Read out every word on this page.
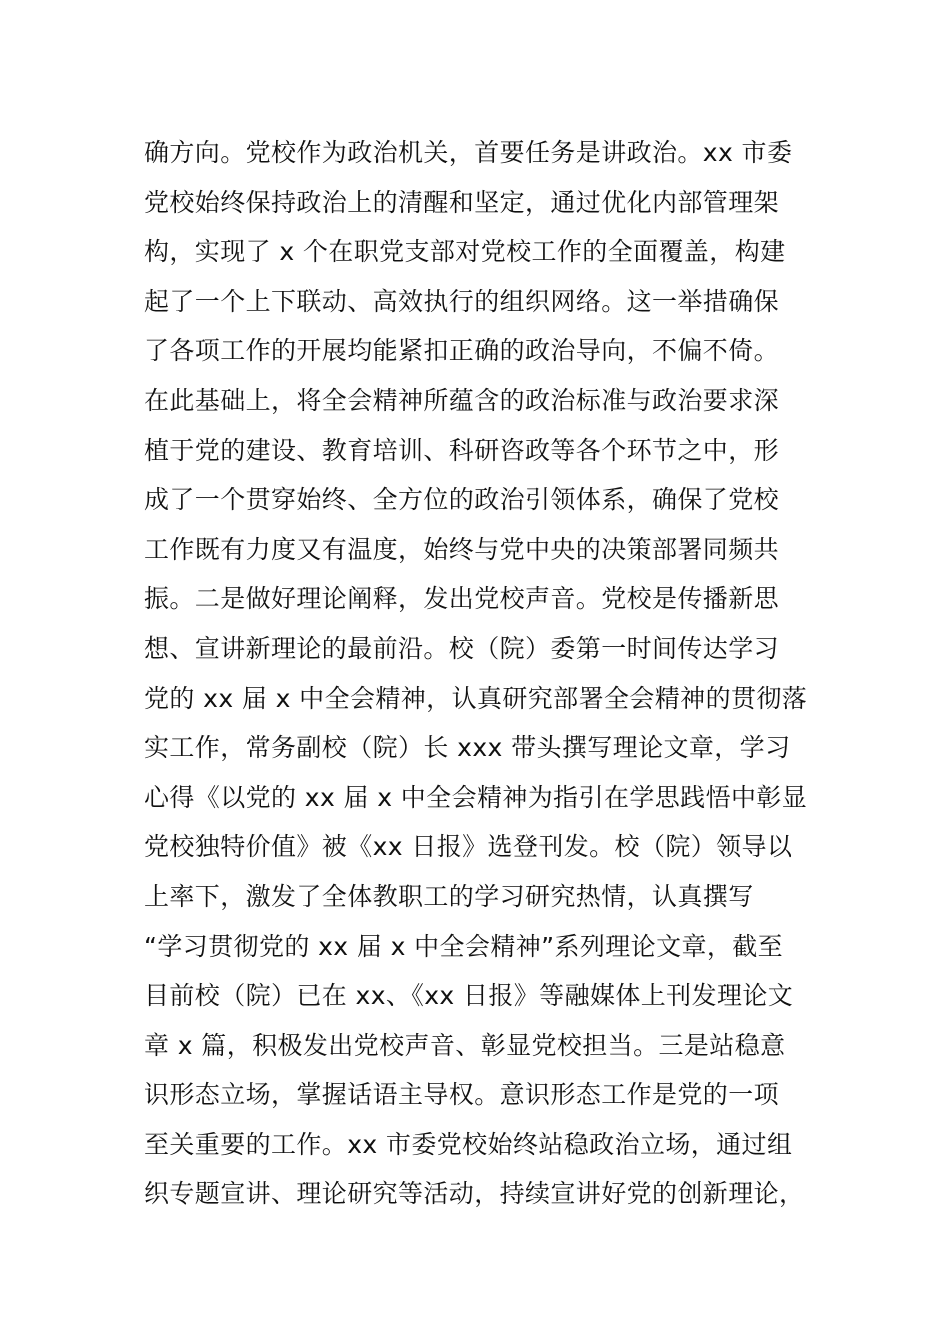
确方向。党校作为政治机关，首要任务是讲政治。xx 市委
党校始终保持政治上的清醒和坚定，通过优化内部管理架
构，实现了 x 个在职党支部对党校工作的全面覆盖，构建
起了一个上下联动、高效执行的组织网络。这一举措确保
了各项工作的开展均能紧扣正确的政治导向，不偏不倚。
在此基础上，将全会精神所蕴含的政治标准与政治要求深
植于党的建设、教育培训、科研咨政等各个环节之中，形
成了一个贯穿始终、全方位的政治引领体系，确保了党校
工作既有力度又有温度，始终与党中央的决策部署同频共
振。二是做好理论阐释，发出党校声音。党校是传播新思
想、宣讲新理论的最前沿。校（院）委第一时间传达学习
党的 xx 届 x 中全会精神，认真研究部署全会精神的贯彻落
实工作，常务副校（院）长 xxx 带头撰写理论文章，学习
心得《以党的 xx 届 x 中全会精神为指引在学思践悟中彰显
党校独特价值》被《xx 日报》选登刊发。校（院）领导以
上率下，激发了全体教职工的学习研究热情，认真撰写
“学习贯彻党的 xx 届 x 中全会精神”系列理论文章，截至
目前校（院）已在 xx、《xx 日报》等融媒体上刊发理论文
章 x 篇，积极发出党校声音、彰显党校担当。三是站稳意
识形态立场，掌握话语主导权。意识形态工作是党的一项
至关重要的工作。xx 市委党校始终站稳政治立场，通过组
织专题宣讲、理论研究等活动，持续宣讲好党的创新理论，
